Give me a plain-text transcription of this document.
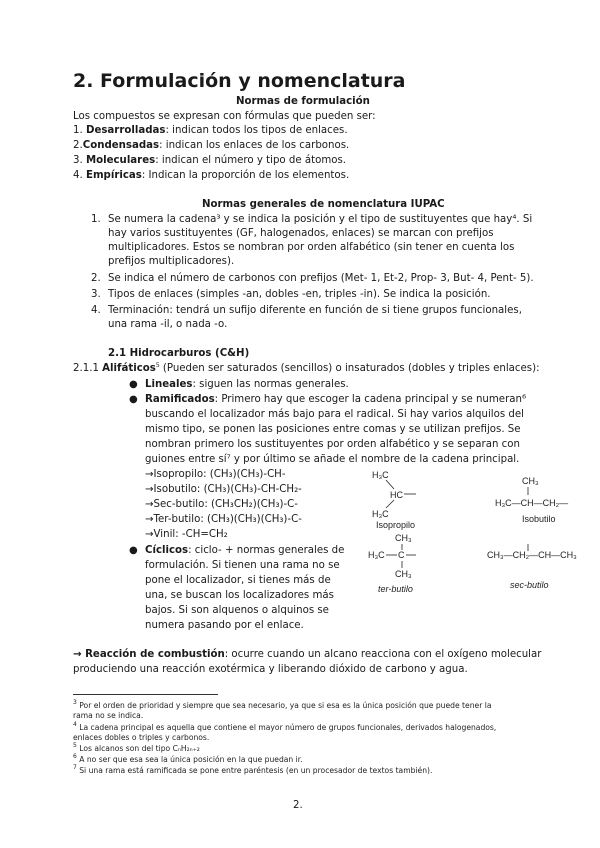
2. Formulación y nomenclatura
Normas de formulación
Los compuestos se expresan con fórmulas que pueden ser:
1. Desarrolladas: indican todos los tipos de enlaces.
2.Condensadas: indican los enlaces de los carbonos.
3. Moleculares: indican el número y tipo de átomos.
4. Empíricas: Indican la proporción de los elementos.
Normas generales de nomenclatura IUPAC
1. Se numera la cadena³ y se indica la posición y el tipo de sustituyentes que hay⁴. Si
hay varios sustituyentes (GF, halogenados, enlaces) se marcan con prefijos
multiplicadores. Estos se nombran por orden alfabético (sin tener en cuenta los
prefijos multiplicadores).
2. Se indica el número de carbonos con prefijos (Met- 1, Et-2, Prop- 3, But- 4, Pent- 5).
3. Tipos de enlaces (simples -an, dobles -en, triples -in). Se indica la posición.
4. Terminación: tendrá un sufijo diferente en función de si tiene grupos funcionales,
una rama -il, o nada -o.
2.1 Hidrocarburos (C&H)
2.1.1 Alifáticos$^5$ (Pueden ser saturados (sencillos) o insaturados (dobles y triples enlaces):
● Lineales: siguen las normas generales.
● Ramificados: Primero hay que escoger la cadena principal y se numeran⁶
buscando el localizador más bajo para el radical. Si hay varios alquilos del
mismo tipo, se ponen las posiciones entre comas y se utilizan prefijos. Se
nombran primero los sustituyentes por orden alfabético y se separan con
guiones entre sí⁷ y por último se añade el nombre de la cadena principal.
→Isopropilo: (CH₃)(CH₃)-CH-
→Isobutilo: (CH₃)(CH₃)-CH-CH₂-
→Sec-butilo: (CH₃CH₂)(CH₃)-C-
→Ter-butilo: (CH₃)(CH₃)(CH₃)-C-
→Vinil: -CH=CH₂
● Cíclicos: ciclo- + normas generales de
formulación. Si tienen una rama no se
pone el localizador, si tienes más de
una, se buscan los localizadores más
bajos. Si son alquenos o alquinos se
numera pasando por el enlace.
H₃C
HC
H₃C
Isopropilo
CH₃
H₃C—CH—CH₂—
Isobutilo
CH₃
H₃C C
CH₃
ter-butilo
CH₃—CH₂—CH—CH₃
sec-butilo
→ Reacción de combustión: ocurre cuando un alcano reacciona con el oxígeno molecular
produciendo una reacción exotérmica y liberando dióxido de carbono y agua.
$^3$ Por el orden de prioridad y siempre que sea necesario, ya que si esa es la única posición que puede tener la
rama no se indica.
$^4$ La cadena principal es aquella que contiene el mayor número de grupos funcionales, derivados halogenados,
enlaces dobles o triples y carbonos.
$^5$ Los alcanos son del tipo CₙH₂ₙ₊₂
$^6$ A no ser que esa sea la única posición en la que puedan ir.
$^7$ Si una rama está ramificada se pone entre paréntesis (en un procesador de textos también).
2.
